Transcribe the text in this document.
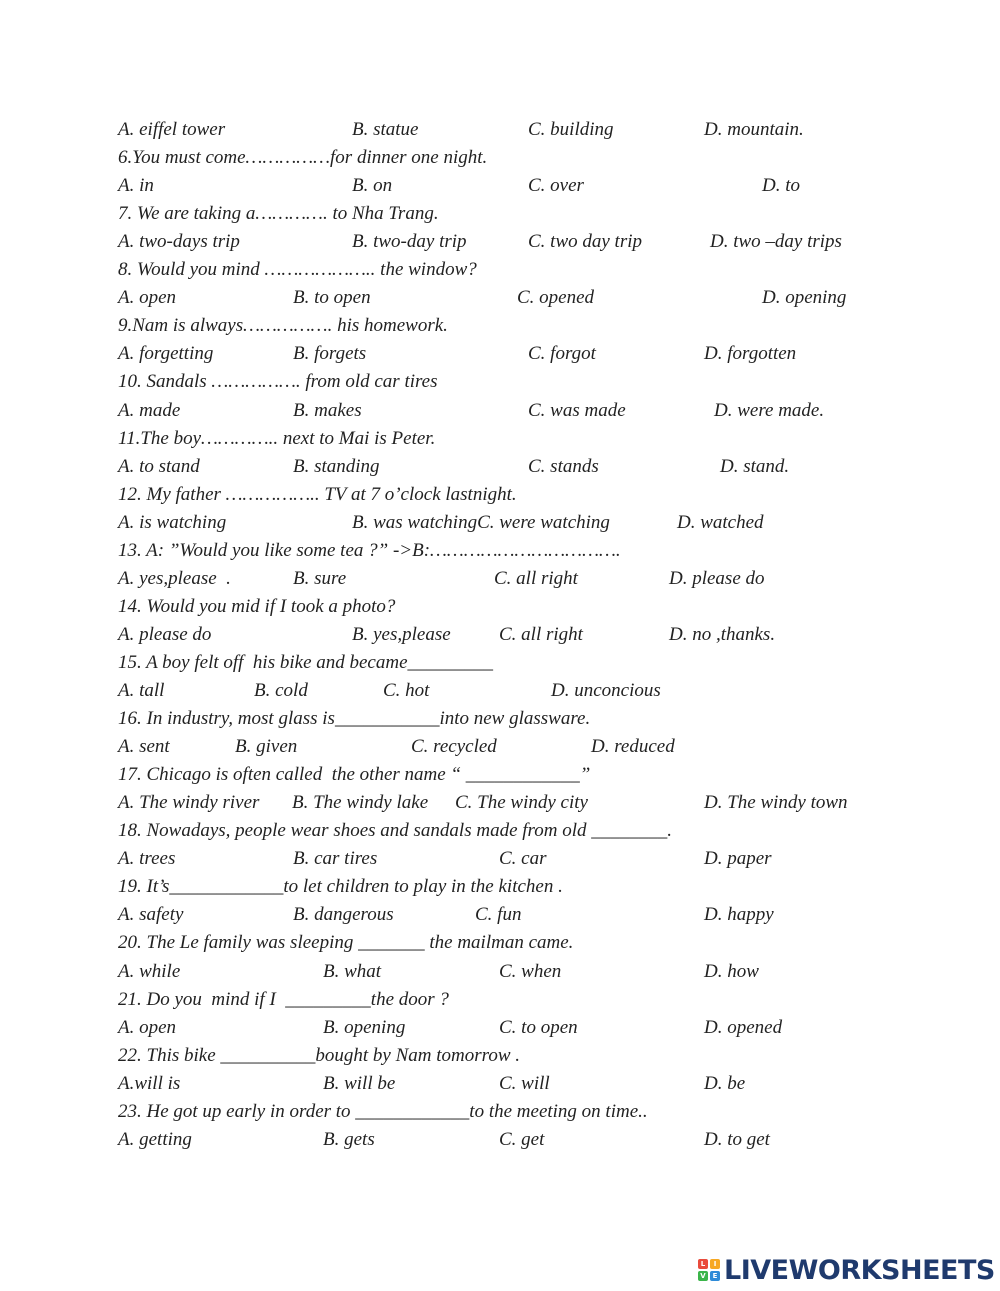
A. eiffel tower	B. statue	C. building	D. mountain.
6.You must come……………for dinner one night.
A. in	B. on	C. over	D. to
7. We are taking a…………. to Nha Trang.
A. two-days trip	B. two-day trip	C. two day trip	D. two –day trips
8. Would you mind ……………….. the window?
A. open	B. to open	C. opened	D. opening
9.Nam is always……………. his homework.
A. forgetting	B. forgets	C. forgot	D. forgotten
10. Sandals ……………. from old car tires
A. made	B. makes	C. was made	D. were made.
11.The boy………….. next to Mai is Peter.
A. to stand	B. standing	C. stands	D. stand.
12. My father …………….. TV at 7 o’clock lastnight.
A. is watching	B. was watchingC. were watching	D. watched
13. A: ”Would you like some tea ?” ->B:…………………………….
A. yes,please  .	B. sure	C. all right	D. please do
14. Would you mid if I took a photo?
A. please do	B. yes,please	C. all right	D. no ,thanks.
15. A boy felt off  his bike and became_________
A. tall	B. cold	C. hot	D. unconcious
16. In industry, most glass is___________into new glassware.
A. sent	B. given	C. recycled	D. reduced
17. Chicago is often called  the other name “ ____________”
A. The windy river B. The windy lake C. The windy city	D. The windy town
18. Nowadays, people wear shoes and sandals made from old ________.
A. trees	B. car tires	C. car	D. paper
19. It’s____________to let children to play in the kitchen .
A. safety	B. dangerous	C. fun	D. happy
20. The Le family was sleeping _______ the mailman came.
A. while	B. what	C. when	D. how
21. Do you  mind if I  _________the door ?
A. open	B. opening	C. to open	D. opened
22. This bike __________bought by Nam tomorrow .
A.will is	B. will be	C. will	D. be
23. He got up early in order to ____________to the meeting on time..
A. getting	B. gets	C. get	D. to get
L	I
V E LIVEWORKSHEETS
